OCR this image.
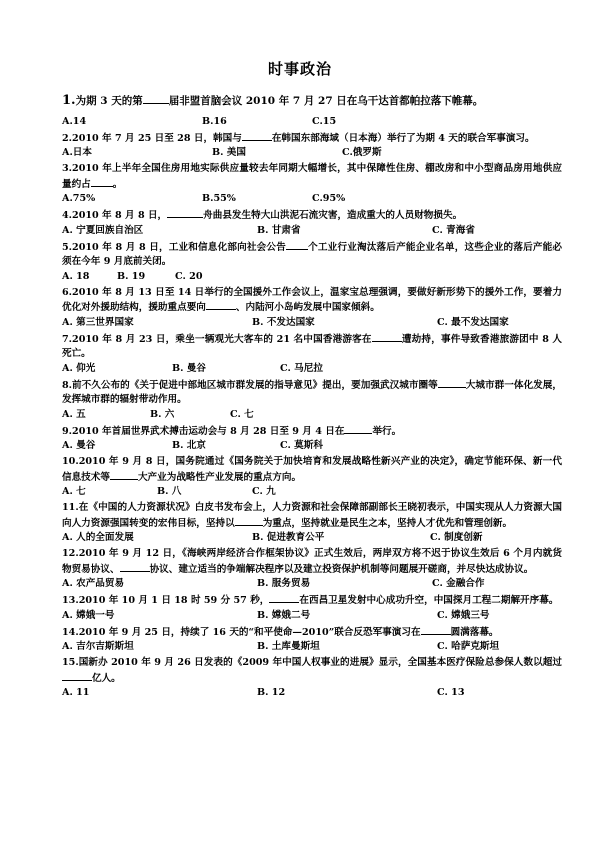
时事政治
1.为期 3 天的第 届非盟首脑会议 2010 年 7 月 27 日在乌干达首都帕拉落下帷幕。
A.14	B.16	C.15
2.2010 年 7 月 25 日至 28 日，韩国与	在韩国东部海域（日本海）举行了为期 4 天的联合军事演习。
A.日本	B. 美国	C.俄罗斯
3.2010 年上半年全国住房用地实际供应量较去年同期大幅增长，其中保障性住房、棚改房和中小型商品房用地供应量约占 。
A.75%	B.55%	C.95%
4.2010 年 8 月 8 日，	舟曲县发生特大山洪泥石流灾害，造成重大的人员财物损失。
A. 宁夏回族自治区	B. 甘肃省	C. 青海省
5.2010 年 8 月 8 日，工业和信息化部向社会公告 个工业行业淘汰落后产能企业名单，这些企业的落后产能必须在今年 9 月底前关闭。
A. 18	B. 19	C. 20
6.2010 年 8 月 13 日至 14 日举行的全国援外工作会议上，温家宝总理强调，要做好新形势下的援外工作，要着力优化对外援助结构，援助重点要向	、内陆河小岛屿发展中国家倾斜。
A. 第三世界国家	B. 不发达国家	C. 最不发达国家
7.2010 年 8 月 23 日，乘坐一辆观光大客车的 21 名中国香港游客在	遭劫持，事件导致香港旅游团中 8 人死亡。
A. 仰光	B. 曼谷	C. 马尼拉
8.前不久公布的《关于促进中部地区城市群发展的指导意见》提出，要加强武汉城市圈等	大城市群一体化发展，发挥城市群的辐射带动作用。
A. 五	B. 六	C. 七
9.2010 年首届世界武术搏击运动会与 8 月 28 日至 9 月 4 日在	举行。
A. 曼谷	B. 北京	C. 莫斯科
10.2010 年 9 月 8 日，国务院通过《国务院关于加快培育和发展战略性新兴产业的决定》，确定节能环保、新一代信息技术等	大产业为战略性产业发展的重点方向。
A. 七	B. 八	C. 九
11.在《中国的人力资源状况》白皮书发布会上，人力资源和社会保障部副部长王晓初表示，中国实现从人力资源大国向人力资源强国转变的宏伟目标，坚持以	为重点，坚持就业是民生之本，坚持人才优先和管理创新。
A. 人的全面发展	B. 促进教育公平	C. 制度创新
12.2010 年 9 月 12 日，《海峡两岸经济合作框架协议》正式生效后，两岸双方将不迟于协议生效后 6 个月内就货物贸易协议、	协议、建立适当的争端解决程序以及建立投资保护机制等问题展开磋商，并尽快达成协议。
A. 农产品贸易	B. 服务贸易	C. 金融合作
13.2010 年 10 月 1 日 18 时 59 分 57 秒，	在西昌卫星发射中心成功升空，中国探月工程二期解开序幕。
A. 嫦娥一号	B. 嫦娥二号	C. 嫦娥三号
14.2010 年 9 月 25 日，持续了 16 天的“和平使命—2010”联合反恐军事演习在	圆满落幕。
A. 吉尔吉斯斯坦	B. 土库曼斯坦	C. 哈萨克斯坦
15.国新办 2010 年 9 月 26 日发表的《2009 年中国人权事业的进展》显示，全国基本医疗保险总参保人数以超过亿人。
A. 11	B. 12	C. 13
